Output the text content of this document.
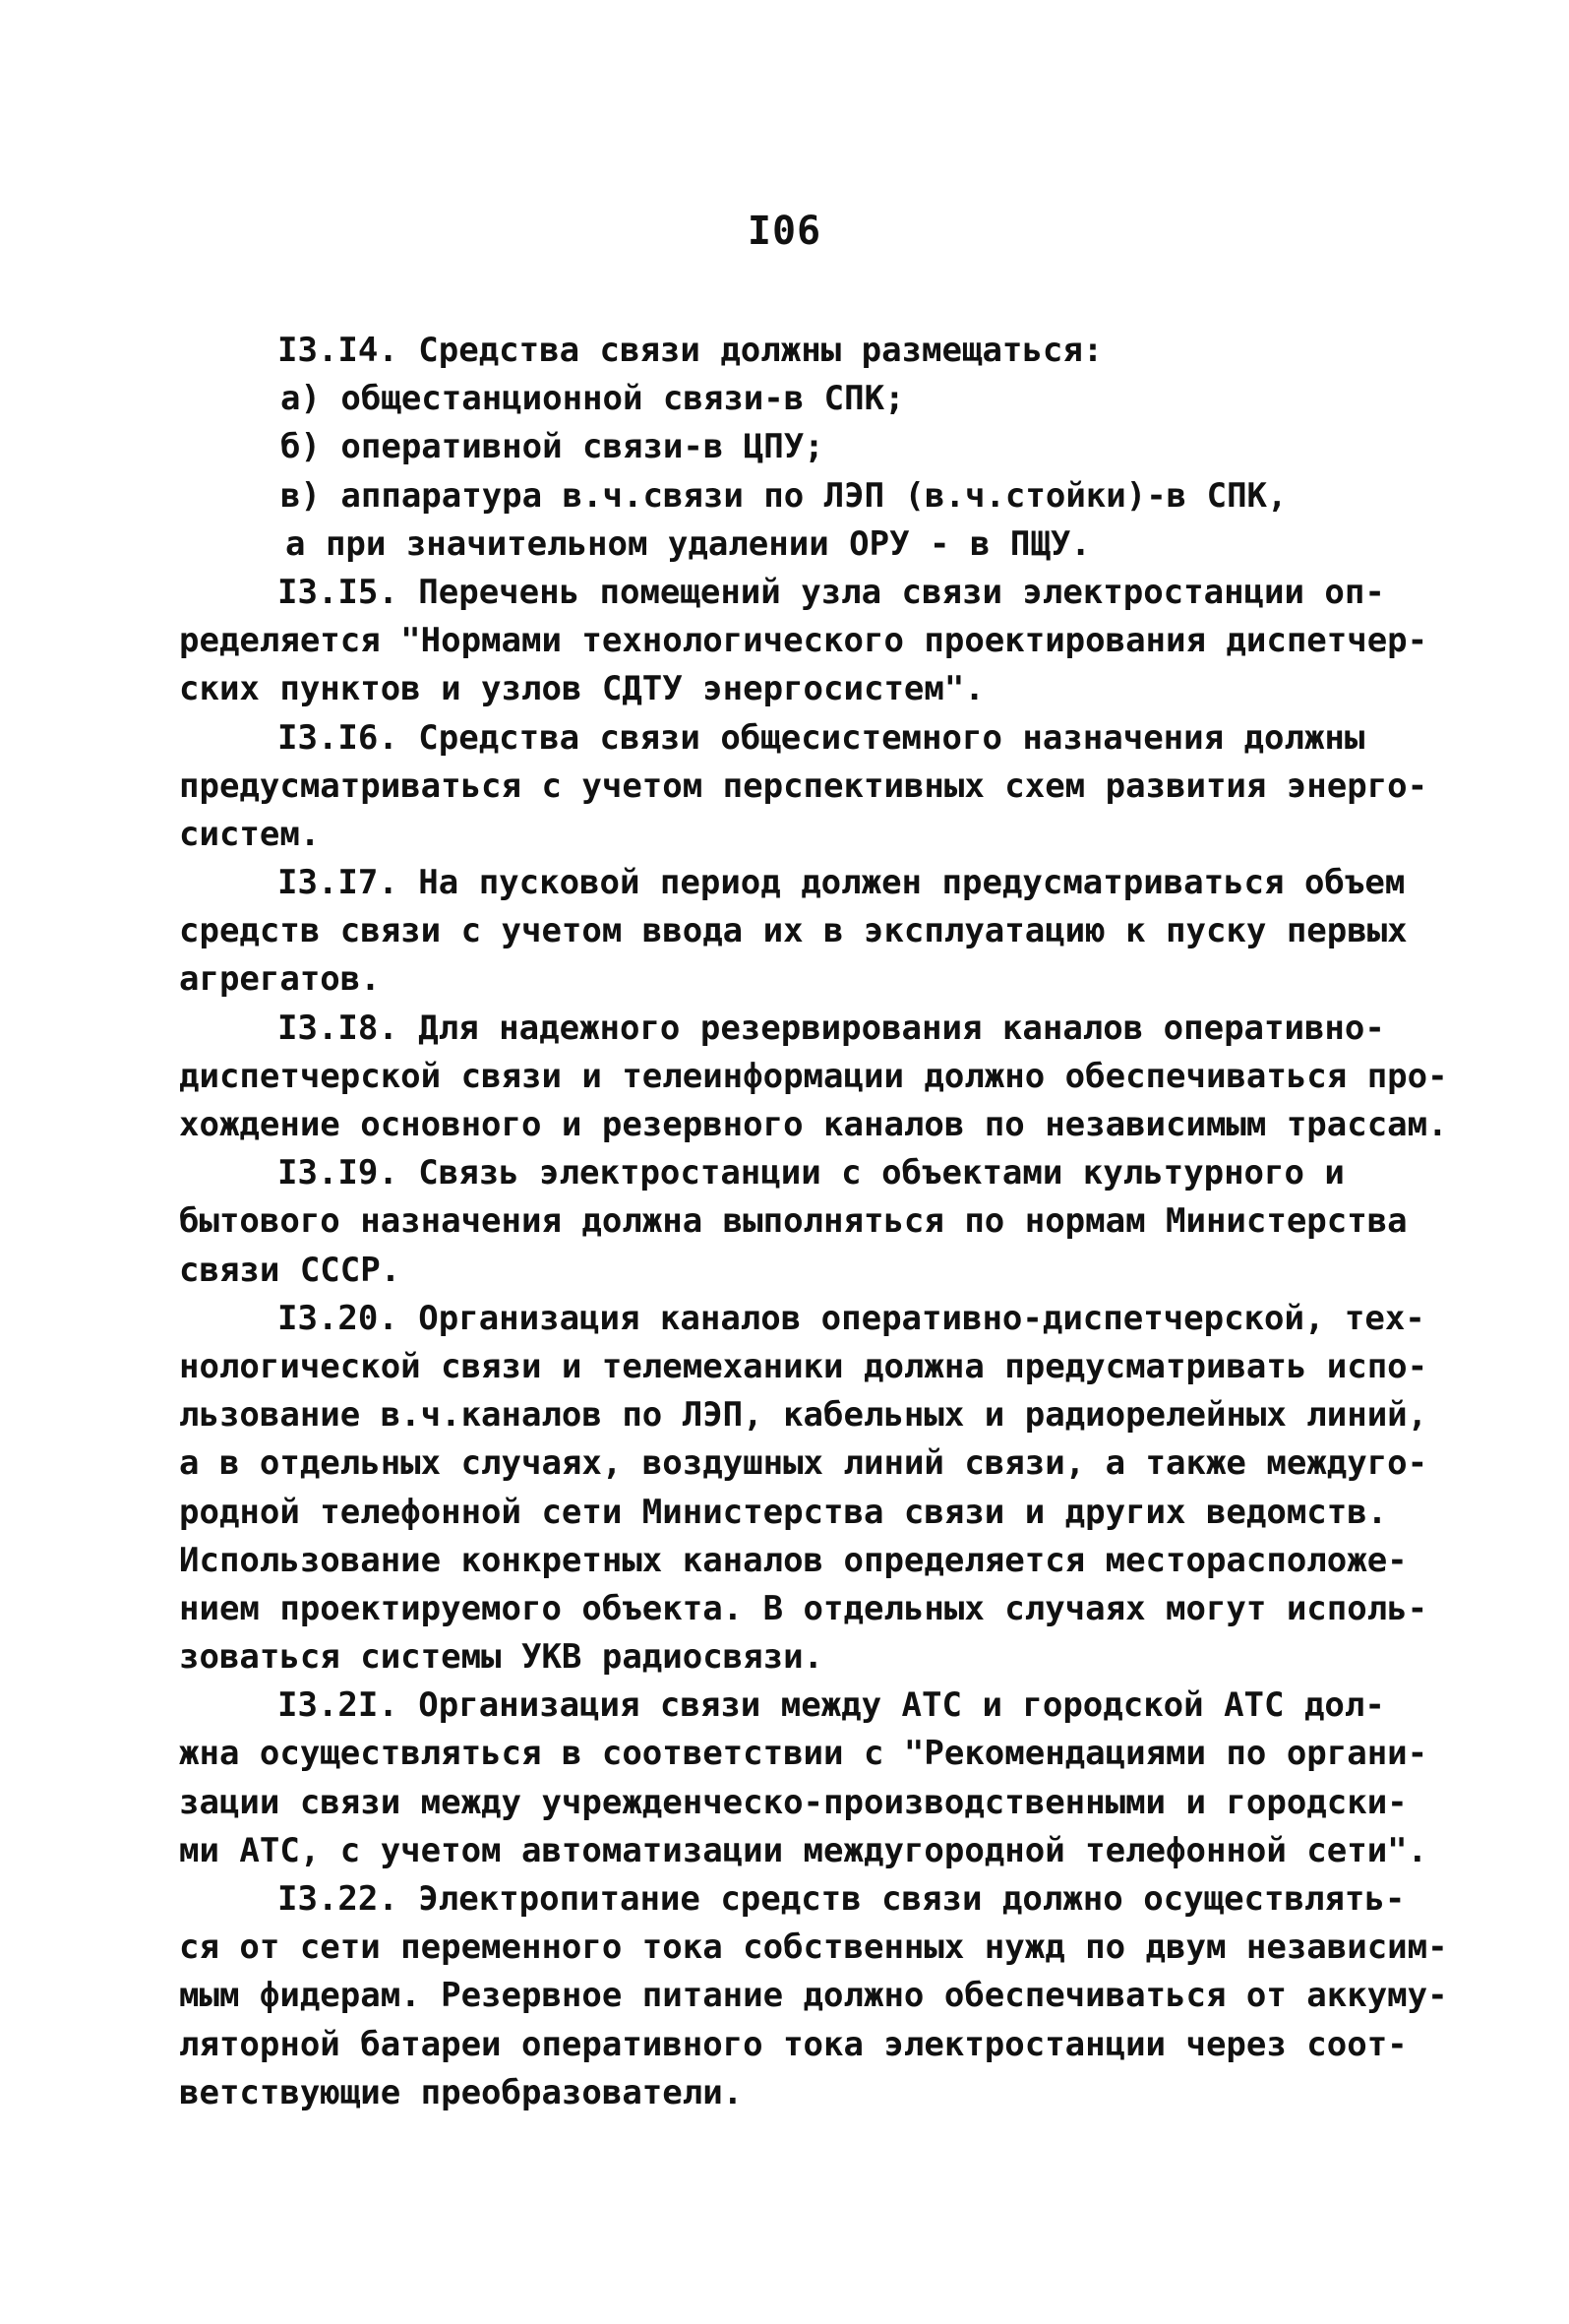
I06
I3.I4. Средства связи должны размещаться:
а) общестанционной связи-в СПК;
б) оперативной связи-в ЦПУ;
в) аппаратура в.ч.связи по ЛЭП (в.ч.стойки)-в СПК,
а при значительном удалении ОРУ - в ПЩУ.
I3.I5. Перечень помещений узла связи электростанции оп-
ределяется "Нормами технологического проектирования диспетчер-
ских пунктов и узлов СДТУ энергосистем".
I3.I6. Средства связи общесистемного назначения должны
предусматриваться с учетом перспективных схем развития энерго-
систем.
I3.I7. На пусковой период должен предусматриваться объем
средств связи с учетом ввода их в эксплуатацию к пуску первых
агрегатов.
I3.I8. Для надежного резервирования каналов оперативно-
диспетчерской связи и телеинформации должно обеспечиваться про-
хождение основного и резервного каналов по независимым трассам.
I3.I9. Связь электростанции с объектами культурного и
бытового назначения должна выполняться по нормам Министерства
связи СССР.
I3.20. Организация каналов оперативно-диспетчерской, тех-
нологической связи и телемеханики должна предусматривать испо-
льзование в.ч.каналов по ЛЭП, кабельных и радиорелейных линий,
а в отдельных случаях, воздушных линий связи, а также междуго-
родной телефонной сети Министерства связи и других ведомств.
Использование конкретных каналов определяется месторасположе-
нием проектируемого объекта. В отдельных случаях могут исполь-
зоваться системы УКВ радиосвязи.
I3.2I. Организация связи между АТС и городской АТС дол-
жна осуществляться в соответствии с "Рекомендациями по органи-
зации связи между учрежденческо-производственными и городски-
ми АТС, с учетом автоматизации междугородной телефонной сети".
I3.22. Электропитание средств связи должно осуществлять-
ся от сети переменного тока собственных нужд по двум независим-
мым фидерам. Резервное питание должно обеспечиваться от аккуму-
ляторной батареи оперативного тока электростанции через соот-
ветствующие преобразователи.
